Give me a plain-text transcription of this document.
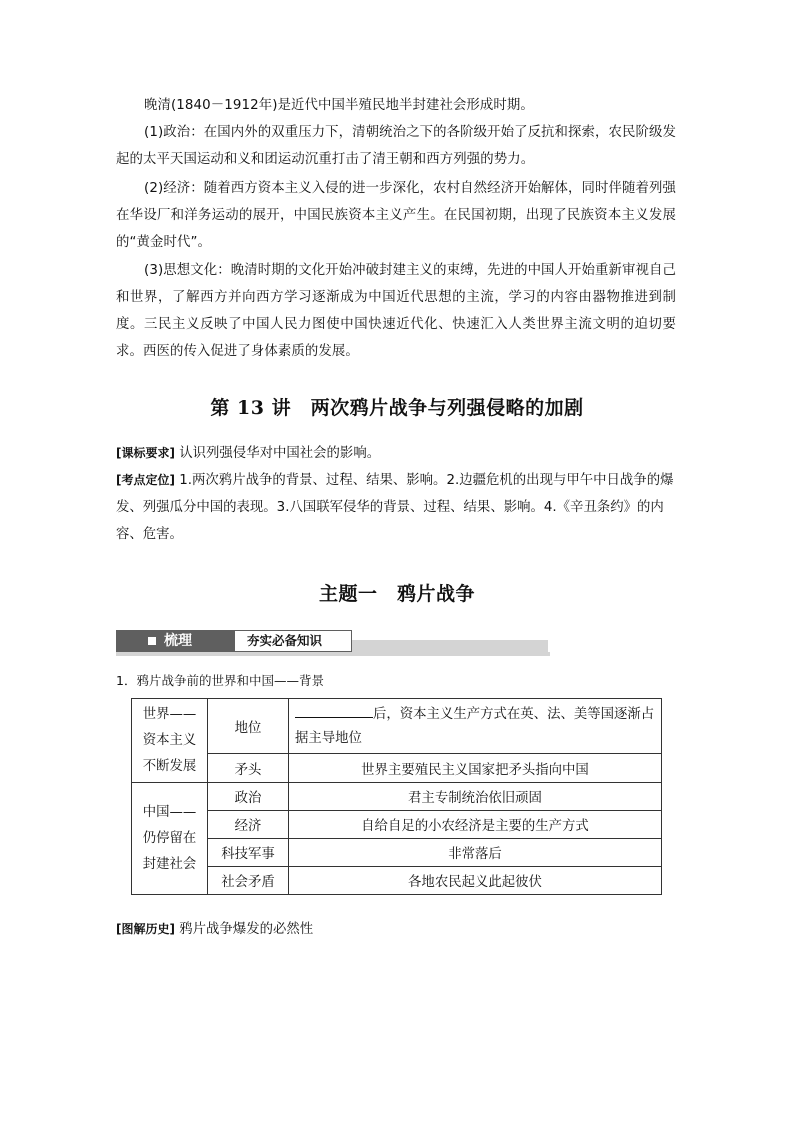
晚清(1840－1912年)是近代中国半殖民地半封建社会形成时期。

(1)政治：在国内外的双重压力下，清朝统治之下的各阶级开始了反抗和探索，农民阶级发起的太平天国运动和义和团运动沉重打击了清王朝和西方列强的势力。

(2)经济：随着西方资本主义入侵的进一步深化，农村自然经济开始解体，同时伴随着列强在华设厂和洋务运动的展开，中国民族资本主义产生。在民国初期，出现了民族资本主义发展的“黄金时代”。

(3)思想文化：晚清时期的文化开始冲破封建主义的束缚，先进的中国人开始重新审视自己和世界，了解西方并向西方学习逐渐成为中国近代思想的主流，学习的内容由器物推进到制度。三民主义反映了中国人民力图使中国快速近代化、快速汇入人类世界主流文明的迫切要求。西医的传入促进了身体素质的发展。

第 13 讲　两次鸦片战争与列强侵略的加剧

[课标要求] 认识列强侵华对中国社会的影响。

[考点定位] 1.两次鸦片战争的背景、过程、结果、影响。2.边疆危机的出现与甲午中日战争的爆发、列强瓜分中国的表现。3.八国联军侵华的背景、过程、结果、影响。4.《辛丑条约》的内容、危害。

主题一　鸦片战争
梳理	夯实必备知识

1．鸦片战争前的世界和中国——背景

世界——
资本主义
不断发展	地位	后，资本主义生产方式在英、法、美等国逐渐占据主导地位
	矛头	世界主要殖民主义国家把矛头指向中国

中国——
仍停留在
封建社会	政治	君主专制统治依旧顽固
	经济	自给自足的小农经济是主要的生产方式
	科技军事	非常落后
	社会矛盾	各地农民起义此起彼伏

[图解历史] 鸦片战争爆发的必然性
